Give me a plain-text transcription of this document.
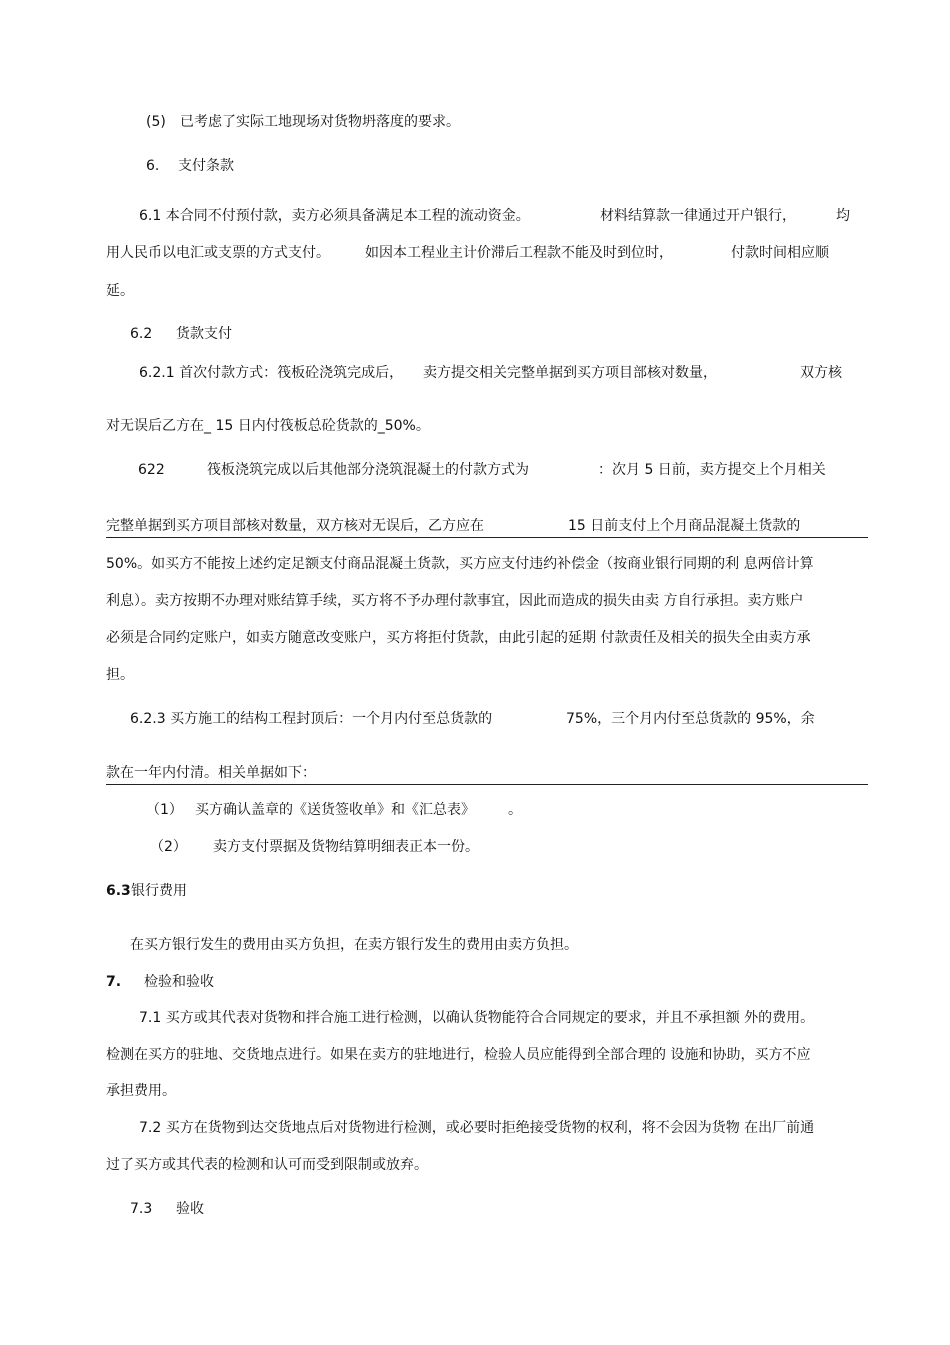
(5) 已考虑了实际工地现场对货物坍落度的要求。
6. 支付条款
6.1 本合同不付预付款，卖方必须具备满足本工程的流动资金。	材料结算款一律通过开户银行，	均
用人民币以电汇或支票的方式支付。	如因本工程业主计价滞后工程款不能及时到位时，	付款时间相应顺
延。
6.2 货款支付
6.2.1 首次付款方式：筏板砼浇筑完成后， 卖方提交相关完整单据到买方项目部核对数量，	双方核
对无误后乙方在_ 15 日内付筏板总砼货款的_50%。
622	筏板浇筑完成以后其他部分浇筑混凝土的付款方式为	：次月 5 日前，卖方提交上个月相关
完整单据到买方项目部核对数量，双方核对无误后，乙方应在	15 日前支付上个月商品混凝土货款的
50%。如买方不能按上述约定足额支付商品混凝土货款，买方应支付违约补偿金（按商业银行同期的利 息两倍计算
利息）。卖方按期不办理对账结算手续，买方将不予办理付款事宜，因此而造成的损失由卖 方自行承担。卖方账户
必须是合同约定账户，如卖方随意改变账户，买方将拒付货款，由此引起的延期 付款责任及相关的损失全由卖方承
担。
6.2.3 买方施工的结构工程封顶后：一个月内付至总货款的	75%，三个月内付至总货款的 95%，余
款在一年内付清。相关单据如下：
（1） 买方确认盖章的《送货签收单》和《汇总表》 。
（2） 卖方支付票据及货物结算明细表正本一份。
6.3 银行费用
在买方银行发生的费用由买方负担，在卖方银行发生的费用由卖方负担。
7. 检验和验收
7.1 买方或其代表对货物和拌合施工进行检测，以确认货物能符合合同规定的要求，并且不承担额 外的费用。
检测在买方的驻地、交货地点进行。如果在卖方的驻地进行，检验人员应能得到全部合理的 设施和协助，买方不应
承担费用。
7.2 买方在货物到达交货地点后对货物进行检测，或必要时拒绝接受货物的权利，将不会因为货物 在出厂前通
过了买方或其代表的检测和认可而受到限制或放弃。
7.3 验收
